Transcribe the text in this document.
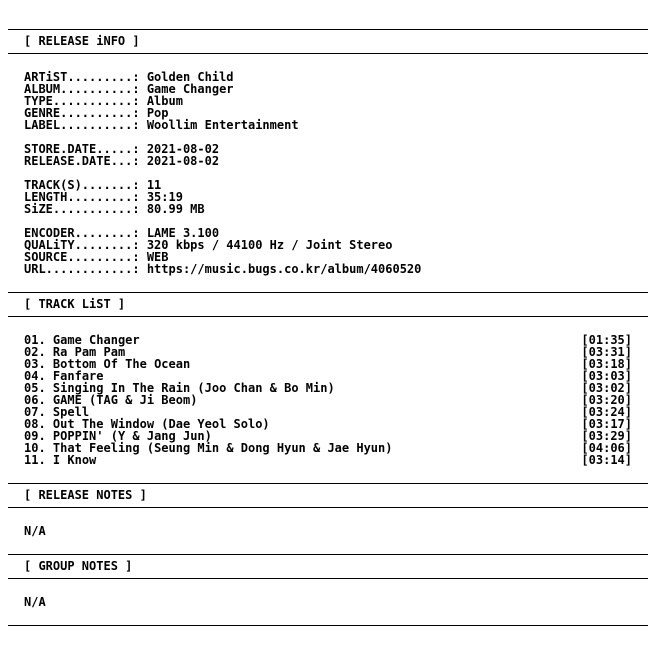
[ RELEASE iNFO ]
ARTiST.........: Golden Child
ALBUM..........: Game Changer
TYPE...........: Album
GENRE..........: Pop
LABEL..........: Woollim Entertainment
STORE.DATE.....: 2021-08-02
RELEASE.DATE...: 2021-08-02
TRACK(S).......: 11
LENGTH.........: 35:19
SiZE...........: 80.99 MB
ENCODER........: LAME 3.100
QUALiTY........: 320 kbps / 44100 Hz / Joint Stereo
SOURCE.........: WEB
URL............: https://music.bugs.co.kr/album/4060520
[ TRACK LiST ]
01. Game Changer	[01:35]
02. Ra Pam Pam	[03:31]
03. Bottom Of The Ocean	[03:18]
04. Fanfare	[03:03]
05. Singing In The Rain (Joo Chan & Bo Min)	[03:02]
06. GAME (TAG & Ji Beom)	[03:20]
07. Spell	[03:24]
08. Out The Window (Dae Yeol Solo)	[03:17]
09. POPPIN' (Y & Jang Jun)	[03:29]
10. That Feeling (Seung Min & Dong Hyun & Jae Hyun)	[04:06]
11. I Know	[03:14]
[ RELEASE NOTES ]
N/A
[ GROUP NOTES ]
N/A
